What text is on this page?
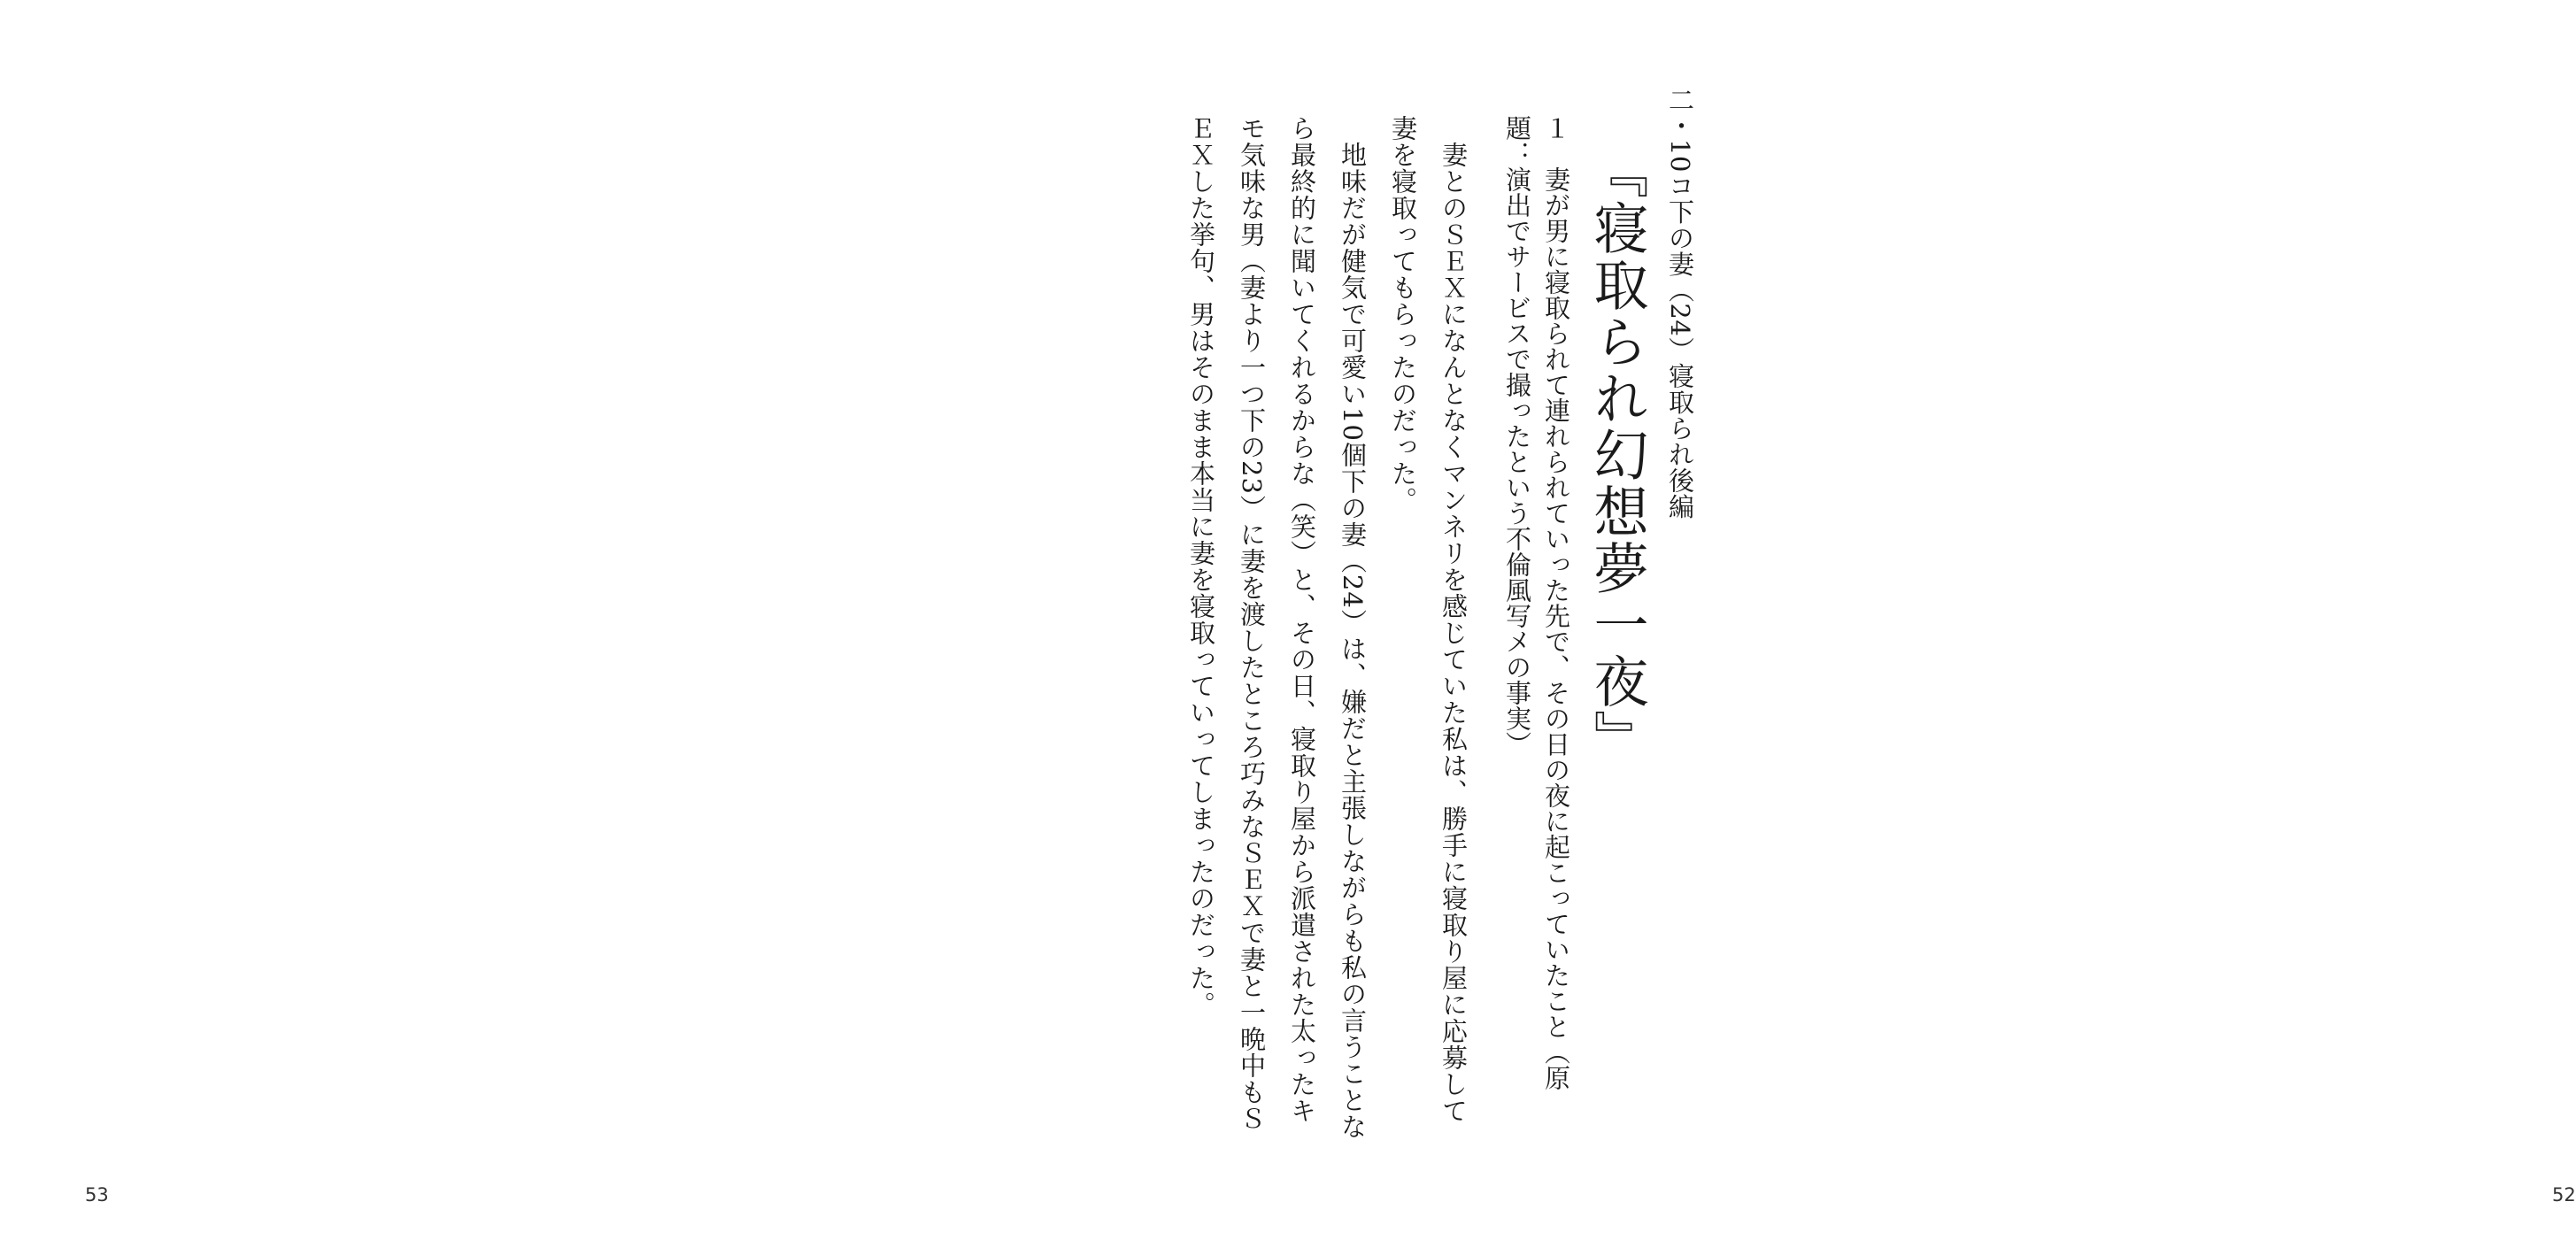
53
二・10コ下の妻（24）寝取られ後編
『寝取られ幻想夢一夜』
１　妻が男に寝取られて連れられていった先で、その日の夜に起こっていたこと（原
題：演出でサービスで撮ったという不倫風写メの事実）
　妻とのＳＥＸになんとなくマンネリを感じていた私は、勝手に寝取り屋に応募して
妻を寝取ってもらったのだった。
　地味だが健気で可愛い10個下の妻（24）は、嫌だと主張しながらも私の言うことな
ら最終的に聞いてくれるからな（笑）と、その日、寝取り屋から派遣された太ったキ
モ気味な男（妻より一つ下の23）に妻を渡したところ巧みなＳＥＸで妻と一晩中もＳ
ＥＸした挙句、男はそのまま本当に妻を寝取っていってしまったのだった。
52
